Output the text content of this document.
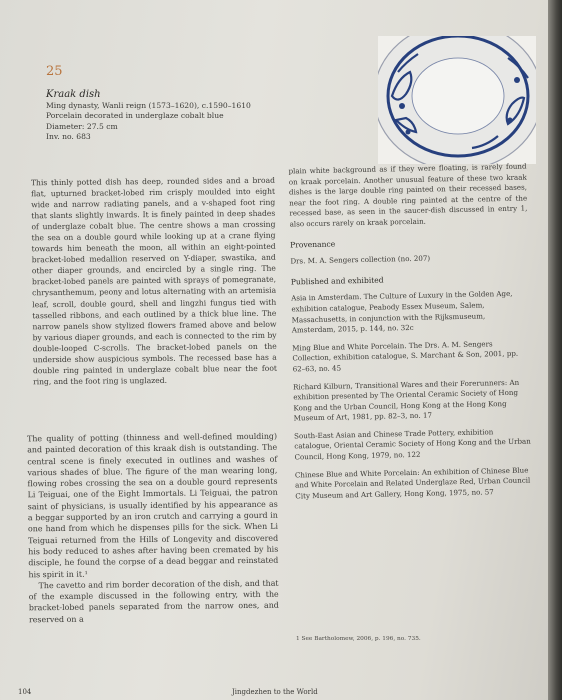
25
Kraak dish
Ming dynasty, Wanli reign (1573–1620), c.1590–1610
Porcelain decorated in underglaze cobalt blue
Diameter: 27.5 cm
Inv. no. 683

This thinly potted dish has deep, rounded sides and a broad flat, upturned bracket-lobed rim crisply moulded into eight wide and narrow radiating panels, and a v-shaped foot ring that slants slightly inwards. It is finely painted in deep shades of underglaze cobalt blue. The centre shows a man crossing the sea on a double gourd while looking up at a crane flying towards him beneath the moon, all within an eight-pointed bracket-lobed medallion reserved on Y-diaper, swastika, and other diaper grounds, and encircled by a single ring. The bracket-lobed panels are painted with sprays of pomegranate, chrysanthemum, peony and lotus alternating with an artemisia leaf, scroll, double gourd, shell and lingzhi fungus tied with tasselled ribbons, and each outlined by a thick blue line. The narrow panels show stylized flowers framed above and below by various diaper grounds, and each is connected to the rim by double-looped C-scrolls. The bracket-lobed panels on the underside show auspicious symbols. The recessed base has a double ring painted in underglaze cobalt blue near the foot ring, and the foot ring is unglazed.

The quality of potting (thinness and well-defined moulding) and painted decoration of this kraak dish is outstanding. The central scene is finely executed in outlines and washes of various shades of blue. The figure of the man wearing long, flowing robes crossing the sea on a double gourd represents Li Teiguai, one of the Eight Immortals. Li Teiguai, the patron saint of physicians, is usually identified by his appearance as a beggar supported by an iron crutch and carrying a gourd in one hand from which he dispenses pills for the sick. When Li Teiguai returned from the Hills of Longevity and discovered his body reduced to ashes after having been cremated by his disciple, he found the corpse of a dead beggar and reinstated his spirit in it.¹

The cavetto and rim border decoration of the dish, and that of the example discussed in the following entry, with the bracket-lobed panels separated from the narrow ones, and reserved on a

plain white background as if they were floating, is rarely found on kraak porcelain. Another unusual feature of these two kraak dishes is the large double ring painted on their recessed bases, near the foot ring. A double ring painted at the centre of the recessed base, as seen in the saucer-dish discussed in entry 1, also occurs rarely on kraak porcelain.
Provenance
Drs. M. A. Sengers collection (no. 207)
Published and exhibited
Asia in Amsterdam. The Culture of Luxury in the Golden Age, exhibition catalogue, Peabody Essex Museum, Salem, Massachusetts, in conjunction with the Rijksmuseum, Amsterdam, 2015, p. 144, no. 32c
Ming Blue and White Porcelain. The Drs. A. M. Sengers Collection, exhibition catalogue, S. Marchant & Son, 2001, pp. 62–63, no. 45
Richard Kilburn, Transitional Wares and their Forerunners: An exhibition presented by The Oriental Ceramic Society of Hong Kong and the Urban Council, Hong Kong at the Hong Kong Museum of Art, 1981, pp. 82–3, no. 17
South-East Asian and Chinese Trade Pottery, exhibition catalogue, Oriental Ceramic Society of Hong Kong and the Urban Council, Hong Kong, 1979, no. 122
Chinese Blue and White Porcelain: An exhibition of Chinese Blue and White Porcelain and Related Underglaze Red, Urban Council City Museum and Art Gallery, Hong Kong, 1975, no. 57
1 See Bartholomew, 2006, p. 196, no. 735.
104	Jingdezhen to the World
